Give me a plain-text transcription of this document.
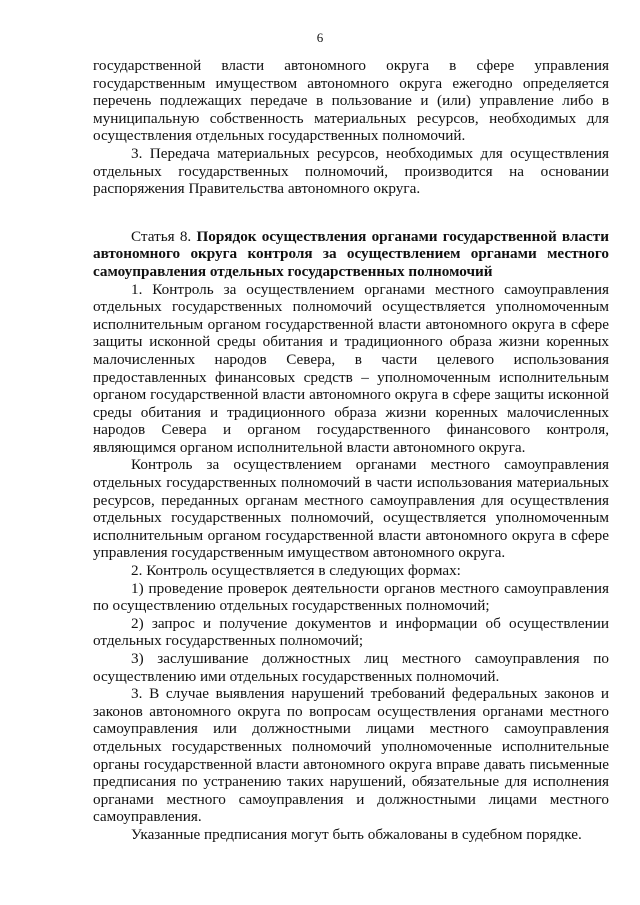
6

государственной власти автономного округа в сфере управления государственным имуществом автономного округа ежегодно определяется перечень подлежащих передаче в пользование и (или) управление либо в муниципальную собственность материальных ресурсов, необходимых для осуществления отдельных государственных полномочий.

3. Передача материальных ресурсов, необходимых для осуществления отдельных государственных полномочий, производится на основании распоряжения Правительства автономного округа.

Статья 8. Порядок осуществления органами государственной власти автономного округа контроля за осуществлением органами местного самоуправления отдельных государственных полномочий

1. Контроль за осуществлением органами местного самоуправления отдельных государственных полномочий осуществляется уполномоченным исполнительным органом государственной власти автономного округа в сфере защиты исконной среды обитания и традиционного образа жизни коренных малочисленных народов Севера, в части целевого использования предоставленных финансовых средств – уполномоченным исполнительным органом государственной власти автономного округа в сфере защиты исконной среды обитания и традиционного образа жизни коренных малочисленных народов Севера и органом государственного финансового контроля, являющимся органом исполнительной власти автономного округа.

Контроль за осуществлением органами местного самоуправления отдельных государственных полномочий в части использования материальных ресурсов, переданных органам местного самоуправления для осуществления отдельных государственных полномочий, осуществляется уполномоченным исполнительным органом государственной власти автономного округа в сфере управления государственным имуществом автономного округа.

2. Контроль осуществляется в следующих формах:

1) проведение проверок деятельности органов местного самоуправления по осуществлению отдельных государственных полномочий;

2) запрос и получение документов и информации об осуществлении отдельных государственных полномочий;

3) заслушивание должностных лиц местного самоуправления по осуществлению ими отдельных государственных полномочий.

3. В случае выявления нарушений требований федеральных законов и законов автономного округа по вопросам осуществления органами местного самоуправления или должностными лицами местного самоуправления отдельных государственных полномочий уполномоченные исполнительные органы государственной власти автономного округа вправе давать письменные предписания по устранению таких нарушений, обязательные для исполнения органами местного самоуправления и должностными лицами местного самоуправления.

Указанные предписания могут быть обжалованы в судебном порядке.
